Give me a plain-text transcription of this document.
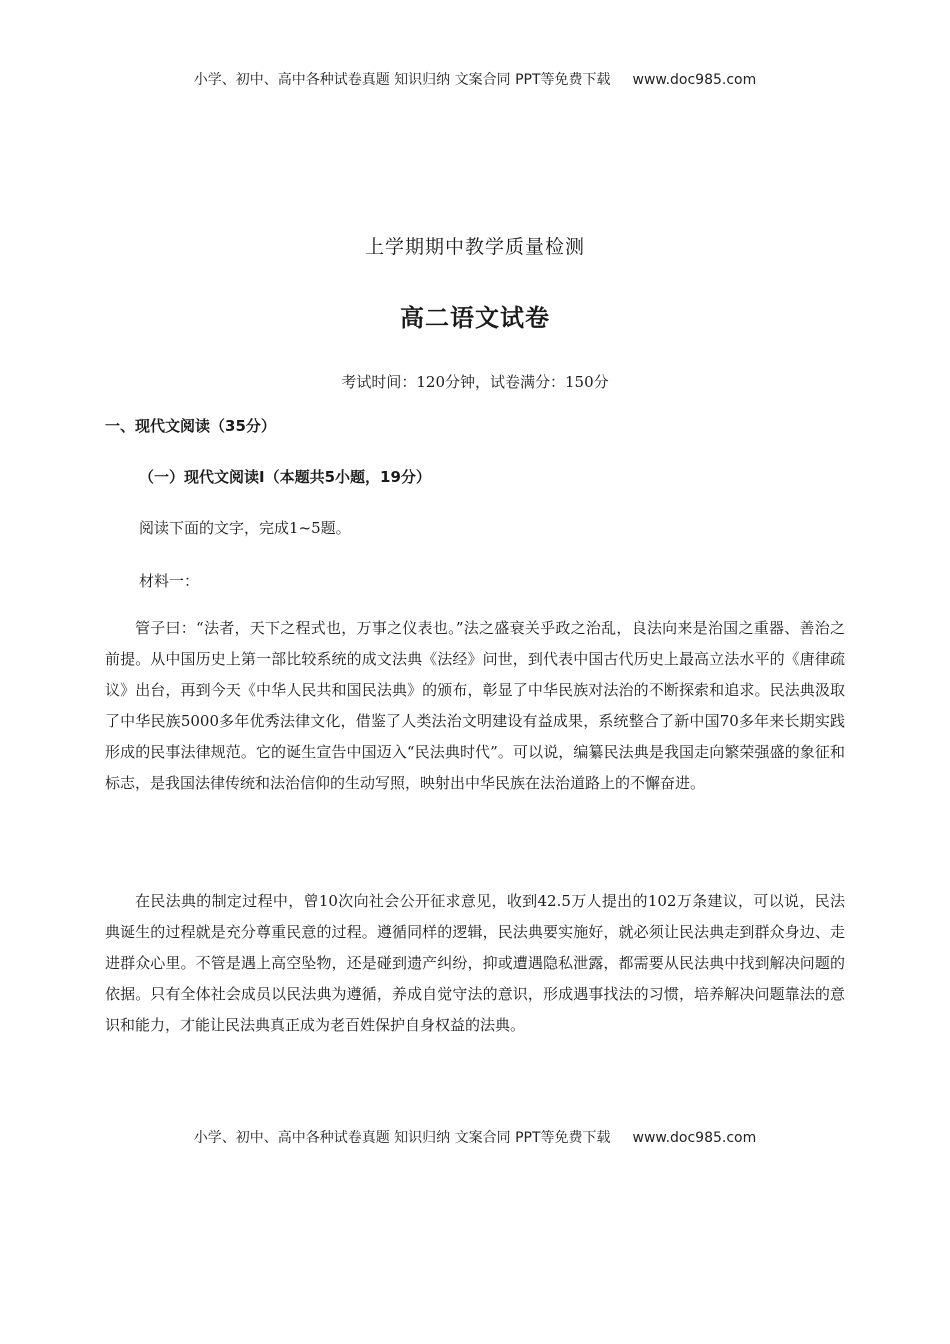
小学、初中、高中各种试卷真题 知识归纳 文案合同 PPT等免费下载 www.doc985.com
上学期期中教学质量检测
高二语文试卷
考试时间：120分钟，试卷满分：150分
一、现代文阅读（35分）
（一）现代文阅读Ⅰ（本题共5小题，19分）
阅读下面的文字，完成1~5题。
材料一：

管子曰：“法者，天下之程式也，万事之仪表也。”法之盛衰关乎政之治乱，良法向来是治国之重器、善治之前提。从中国历史上第一部比较系统的成文法典《法经》问世，到代表中国古代历史上最高立法水平的《唐律疏议》出台，再到今天《中华人民共和国民法典》的颁布，彰显了中华民族对法治的不断探索和追求。民法典汲取了中华民族5000多年优秀法律文化，借鉴了人类法治文明建设有益成果，系统整合了新中国70多年来长期实践形成的民事法律规范。它的诞生宣告中国迈入“民法典时代”。可以说，编纂民法典是我国走向繁荣强盛的象征和标志，是我国法律传统和法治信仰的生动写照，映射出中华民族在法治道路上的不懈奋进。

在民法典的制定过程中，曾10次向社会公开征求意见，收到42.5万人提出的102万条建议，可以说，民法典诞生的过程就是充分尊重民意的过程。遵循同样的逻辑，民法典要实施好，就必须让民法典走到群众身边、走进群众心里。不管是遇上高空坠物，还是碰到遗产纠纷，抑或遭遇隐私泄露，都需要从民法典中找到解决问题的依据。只有全体社会成员以民法典为遵循，养成自觉守法的意识，形成遇事找法的习惯，培养解决问题靠法的意识和能力，才能让民法典真正成为老百姓保护自身权益的法典。

小学、初中、高中各种试卷真题 知识归纳 文案合同 PPT等免费下载 www.doc985.com
